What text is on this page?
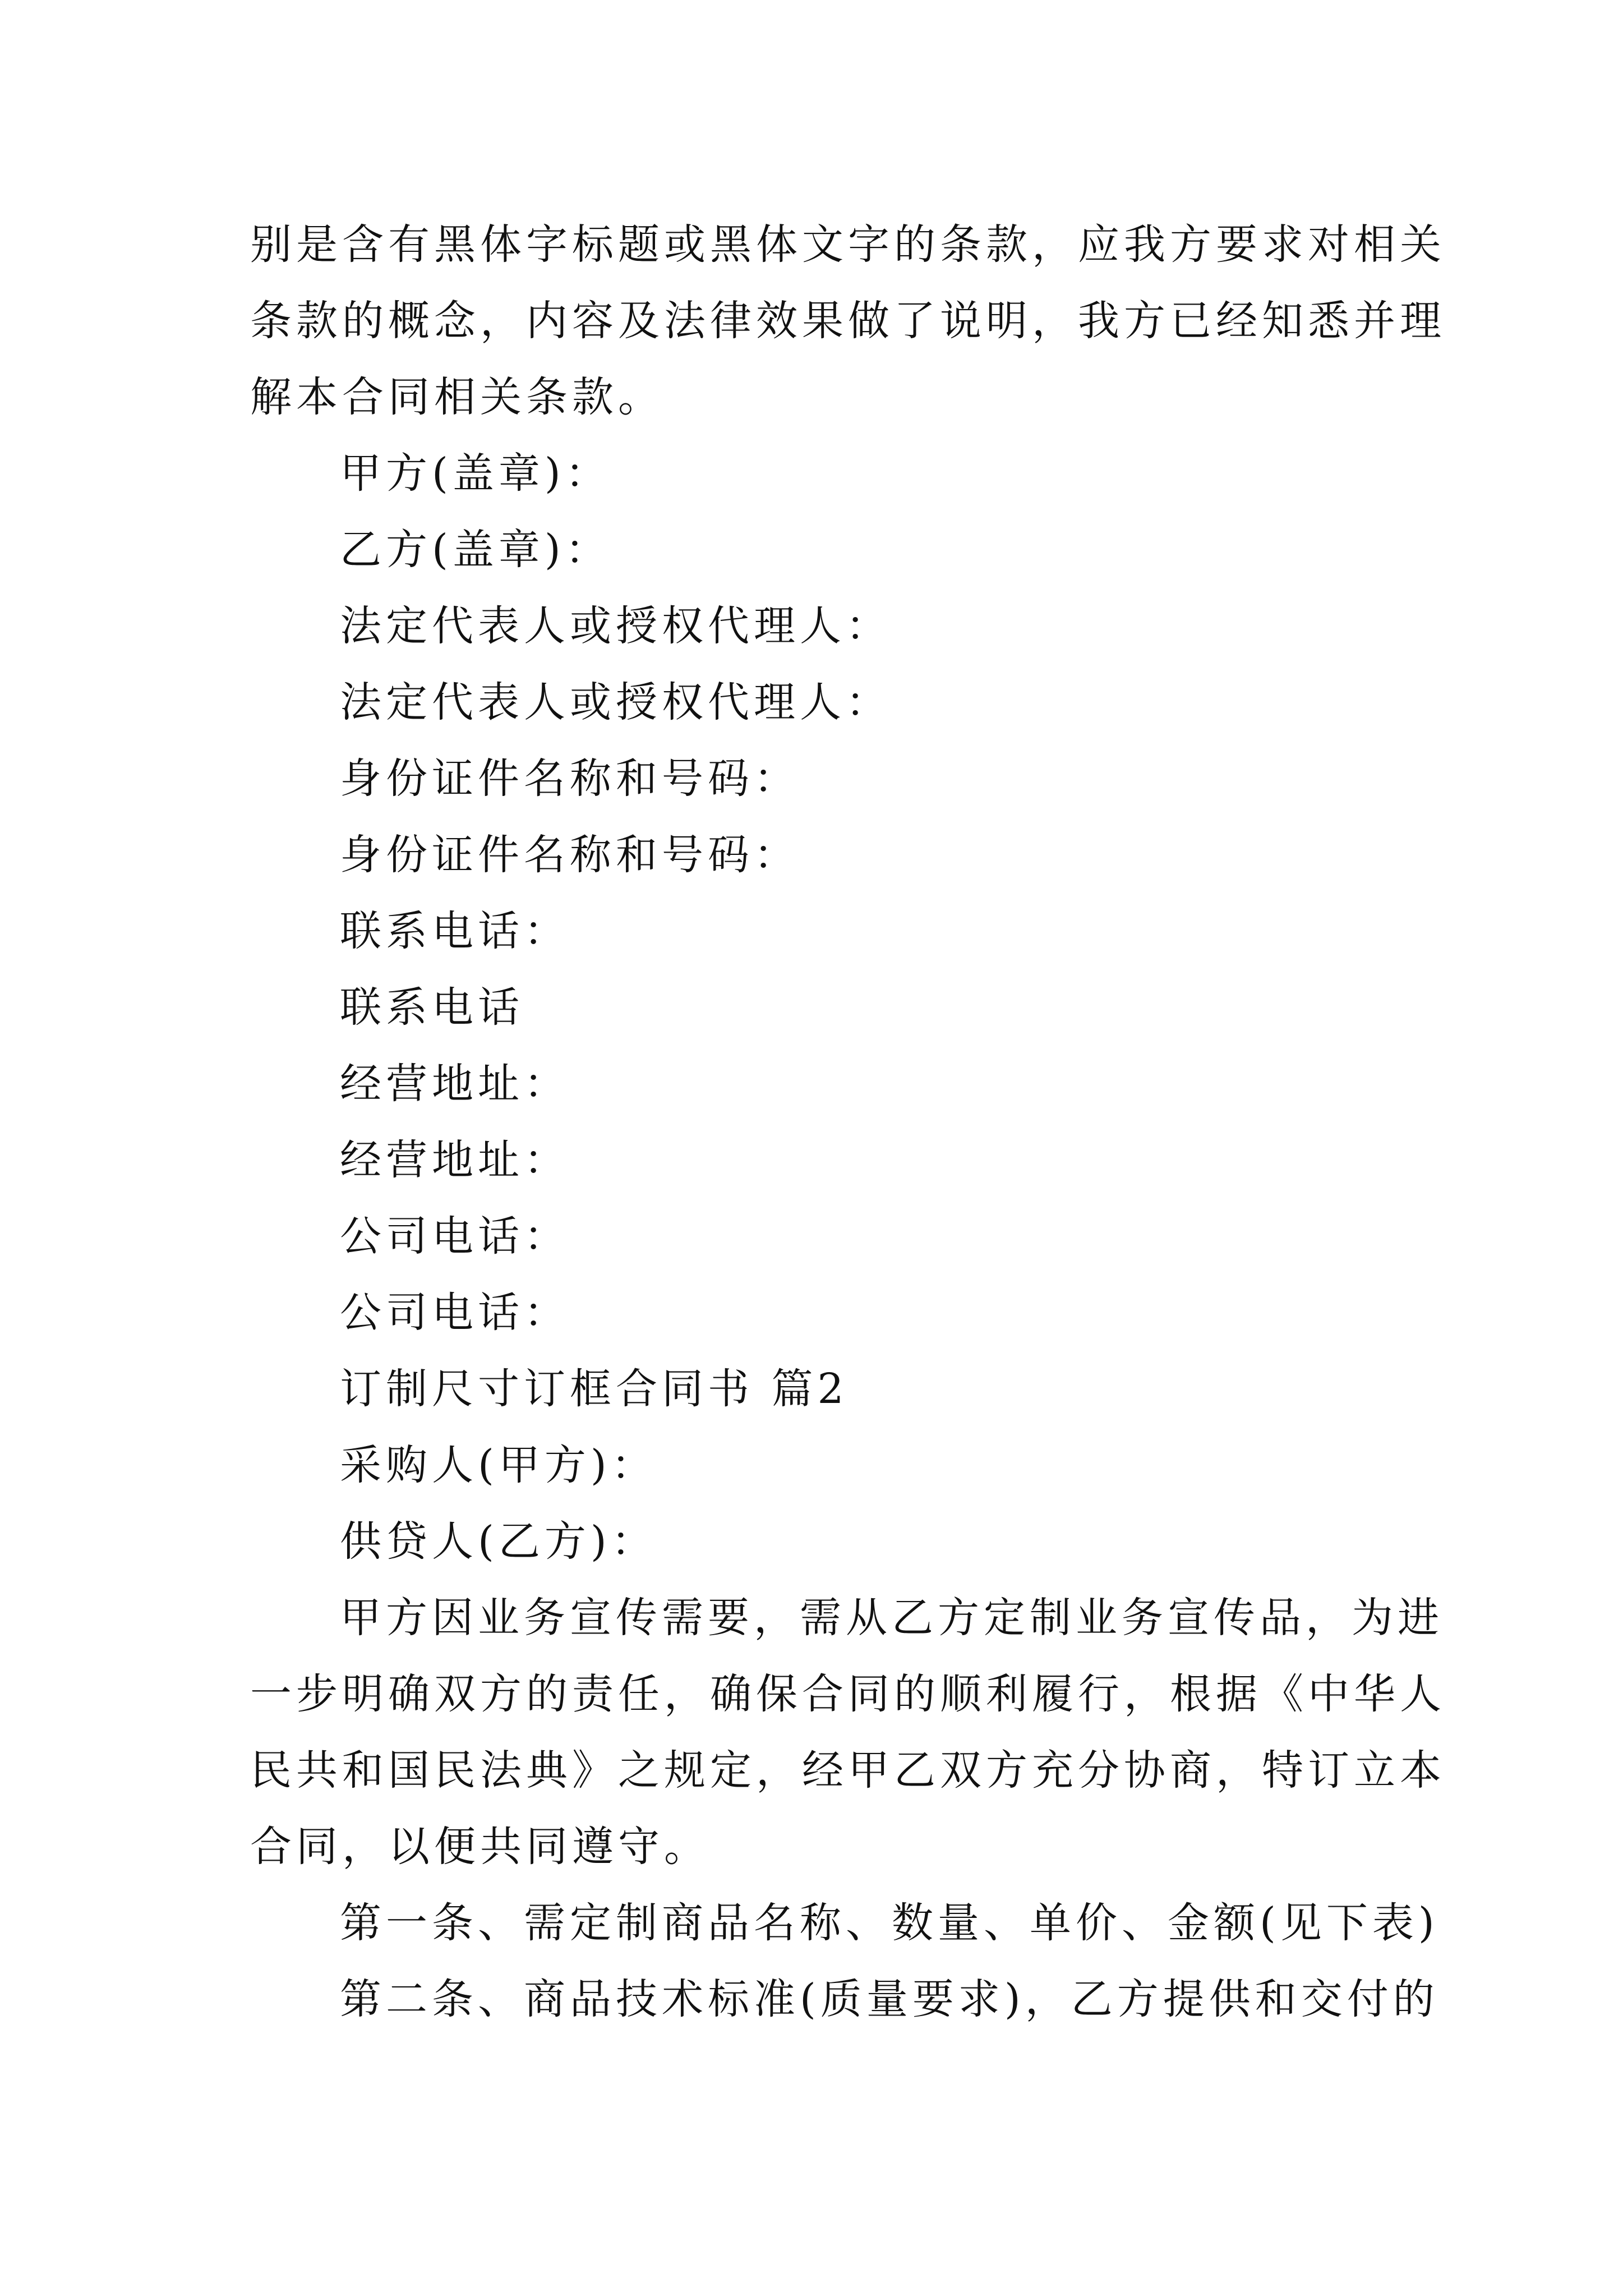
别是含有黑体字标题或黑体文字的条款，应我方要求对相关
条款的概念，内容及法律效果做了说明，我方已经知悉并理
解本合同相关条款。
甲方(盖章)：
乙方(盖章)：
法定代表人或授权代理人：
法定代表人或授权代理人：
身份证件名称和号码：
身份证件名称和号码：
联系电话：
联系电话
经营地址：
经营地址：
公司电话：
公司电话：
订制尺寸订框合同书 篇2
采购人(甲方)：
供贷人(乙方)：
甲方因业务宣传需要，需从乙方定制业务宣传品，为进
一步明确双方的责任，确保合同的顺利履行，根据《中华人
民共和国民法典》之规定，经甲乙双方充分协商，特订立本
合同，以便共同遵守。
第一条、需定制商品名称、数量、单价、金额(见下表)
第二条、商品技术标准(质量要求)，乙方提供和交付的
